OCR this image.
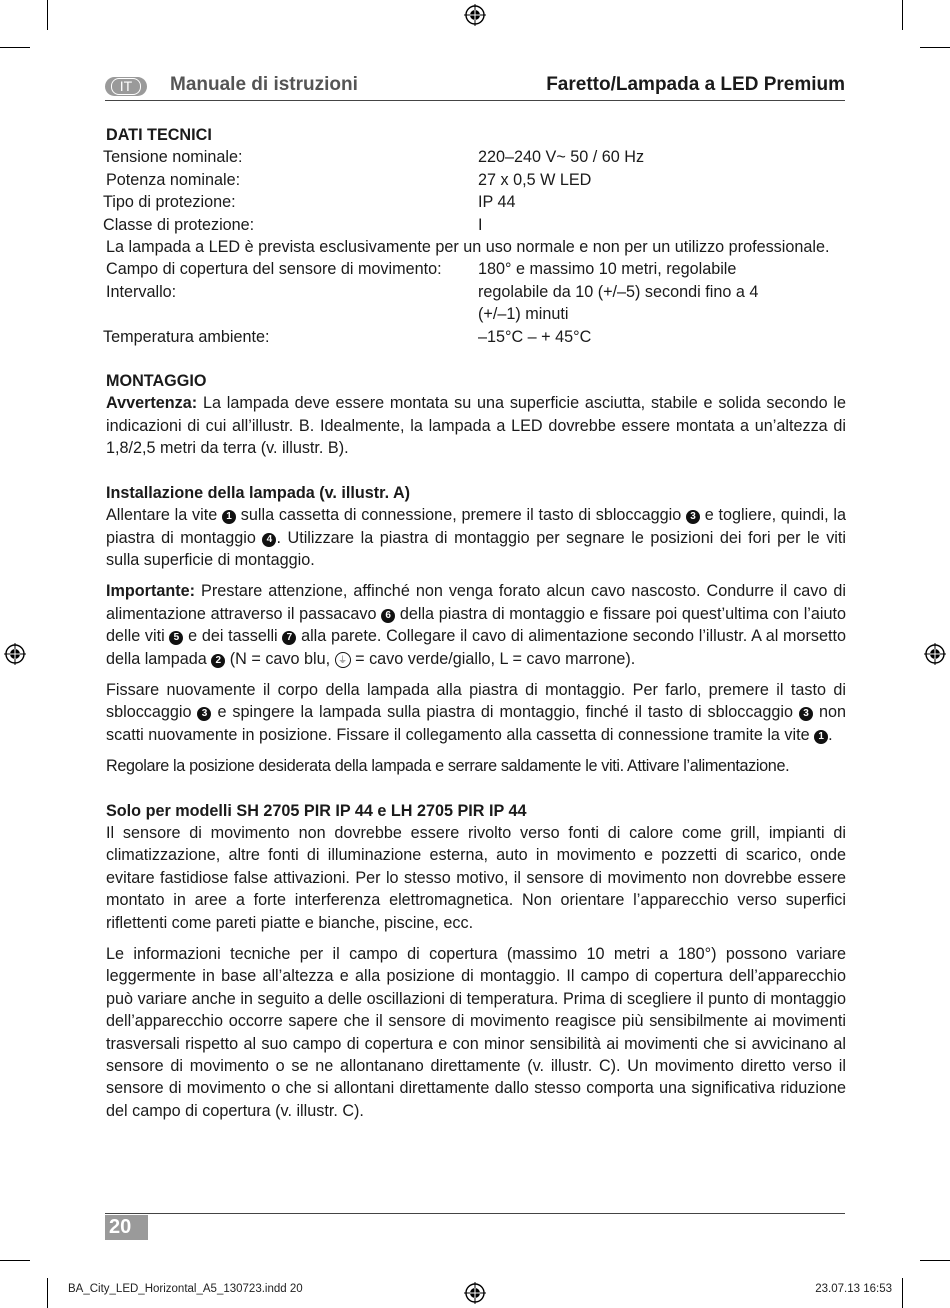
IT	Manuale di istruzioni	Faretto/Lampada a LED Premium

DATI TECNICI

Tensione nominale:	220–240 V~ 50 / 60 Hz
Potenza nominale:	27 x 0,5 W LED
Tipo di protezione:	IP 44
Classe di protezione:	I

La lampada a LED è prevista esclusivamente per un uso normale e non per un utilizzo professionale.

Campo di copertura del sensore di movimento:	180° e massimo 10 metri, regolabile
Intervallo:	regolabile da 10 (+/–5) secondi fino a 4 (+/–1) minuti
Temperatura ambiente:	–15°C – + 45°C

MONTAGGIO

Avvertenza: La lampada deve essere montata su una superficie asciutta, stabile e solida secondo le indicazioni di cui all’illustr. B. Idealmente, la lampada a LED dovrebbe essere montata a un’altezza di 1,8/2,5 metri da terra (v. illustr. B).

Installazione della lampada (v. illustr. A)

Allentare la vite 1 sulla cassetta di connessione, premere il tasto di sbloccaggio 3 e togliere, quindi, la piastra di montaggio 4 . Utilizzare la piastra di montaggio per segnare le posizioni dei fori per le viti sulla superficie di montaggio.

Importante: Prestare attenzione, affinché non venga forato alcun cavo nascosto. Condurre il cavo di alimentazione attraverso il passacavo 6 della piastra di montaggio e fissare poi quest’ultima con l’aiuto delle viti 5 e dei tasselli 7 alla parete. Collegare il cavo di alimentazione secondo l’illustr. A al morsetto della lampada 2 (N = cavo blu, ⏚ = cavo verde/giallo, L = cavo marrone).

Fissare nuovamente il corpo della lampada alla piastra di montaggio. Per farlo, premere il tasto di sbloccaggio 3 e spingere la lampada sulla piastra di montaggio, finché il tasto di sbloccaggio 3 non scatti nuovamente in posizione. Fissare il collegamento alla cassetta di connessione tramite la vite 1 .

Regolare la posizione desiderata della lampada e serrare saldamente le viti. Attivare l’alimentazione.

Solo per modelli SH 2705 PIR IP 44 e LH 2705 PIR IP 44

Il sensore di movimento non dovrebbe essere rivolto verso fonti di calore come grill, impianti di climatizzazione, altre fonti di illuminazione esterna, auto in movimento e pozzetti di scarico, onde evitare fastidiose false attivazioni. Per lo stesso motivo, il sensore di movimento non dovrebbe essere montato in aree a forte interferenza elettromagnetica. Non orientare l’apparecchio verso superfici riflettenti come pareti piatte e bianche, piscine, ecc.

Le informazioni tecniche per il campo di copertura (massimo 10 metri a 180°) possono variare leggermente in base all’altezza e alla posizione di montaggio. Il campo di copertura dell’apparecchio può variare anche in seguito a delle oscillazioni di temperatura. Prima di scegliere il punto di montaggio dell’apparecchio occorre sapere che il sensore di movimento reagisce più sensibilmente ai movimenti trasversali rispetto al suo campo di copertura e con minor sensibilità ai movimenti che si avvicinano al sensore di movimento o se ne allontanano direttamente (v. illustr. C). Un movimento diretto verso il sensore di movimento o che si allontani direttamente dallo stesso comporta una significativa riduzione del campo di copertura (v. illustr. C).

20
BA_City_LED_Horizontal_A5_130723.indd 20	23.07.13 16:53
